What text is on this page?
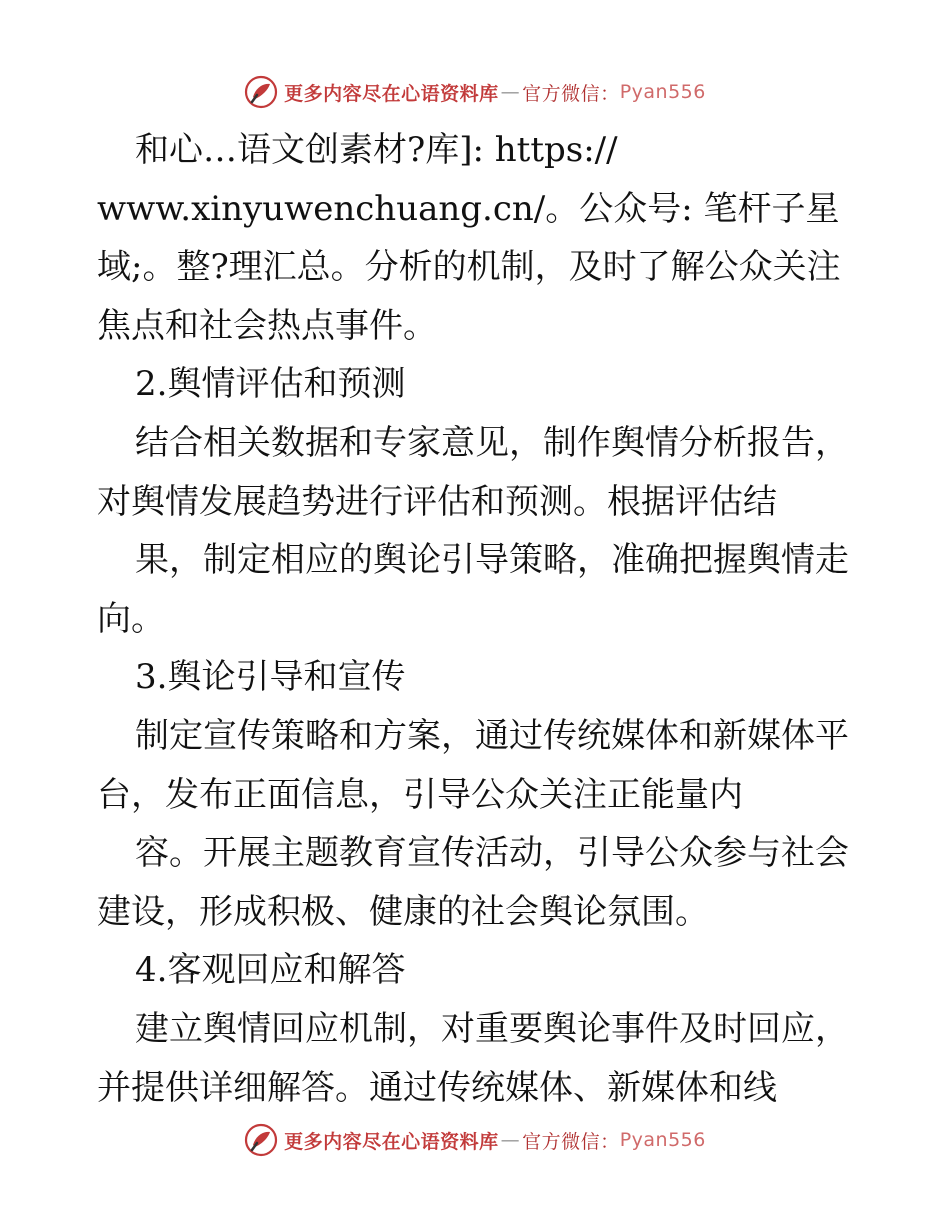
更多内容尽在心语资料库 — 官方微信： Pyan556
和心…语文创素材?库]: https://
www.xinyuwenchuang.cn/。公众号: 笔杆子星
域;。整?理汇总。分析的机制，及时了解公众关注
焦点和社会热点事件。
2.舆情评估和预测
结合相关数据和专家意见，制作舆情分析报告，
对舆情发展趋势进行评估和预测。根据评估结
果，制定相应的舆论引导策略，准确把握舆情走
向。
3.舆论引导和宣传
制定宣传策略和方案，通过传统媒体和新媒体平
台，发布正面信息，引导公众关注正能量内
容。开展主题教育宣传活动，引导公众参与社会
建设，形成积极、健康的社会舆论氛围。
4.客观回应和解答
建立舆情回应机制，对重要舆论事件及时回应，
并提供详细解答。通过传统媒体、新媒体和线
更多内容尽在心语资料库 — 官方微信： Pyan556
